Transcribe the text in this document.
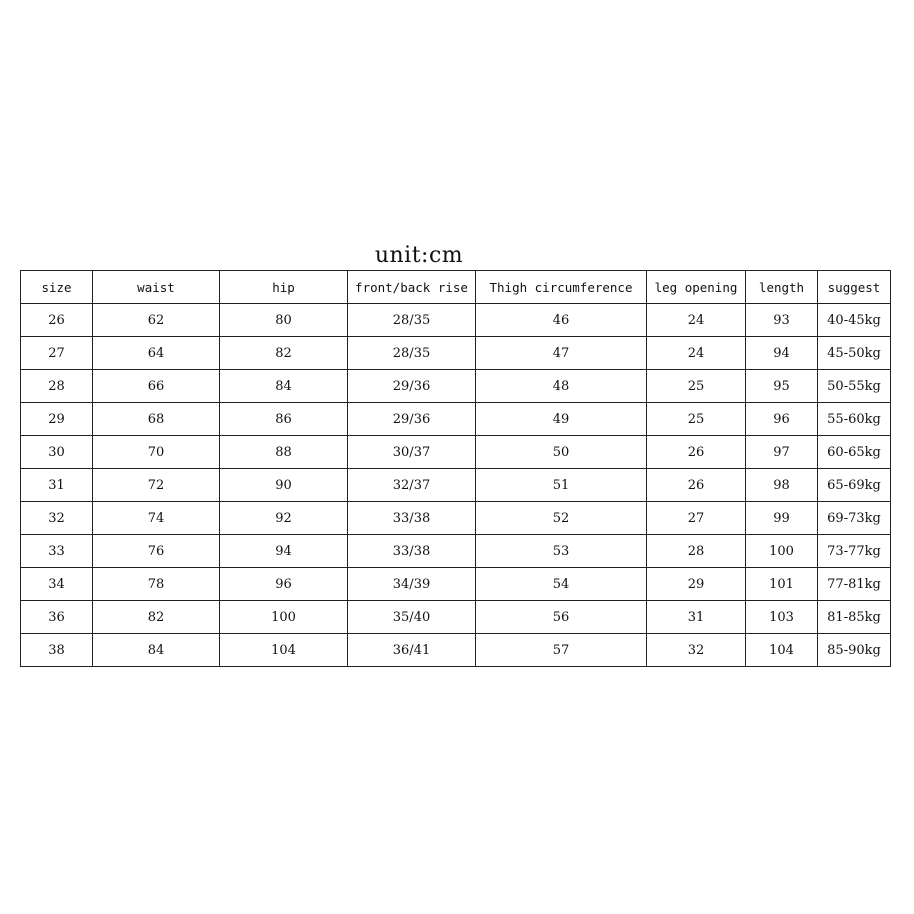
unit:cm
size	waist	hip	front/back rise	Thigh circumference	leg opening	length	suggest
26	62	80	28/35	46	24	93	40-45kg
27	64	82	28/35	47	24	94	45-50kg
28	66	84	29/36	48	25	95	50-55kg
29	68	86	29/36	49	25	96	55-60kg
30	70	88	30/37	50	26	97	60-65kg
31	72	90	32/37	51	26	98	65-69kg
32	74	92	33/38	52	27	99	69-73kg
33	76	94	33/38	53	28	100	73-77kg
34	78	96	34/39	54	29	101	77-81kg
36	82	100	35/40	56	31	103	81-85kg
38	84	104	36/41	57	32	104	85-90kg
